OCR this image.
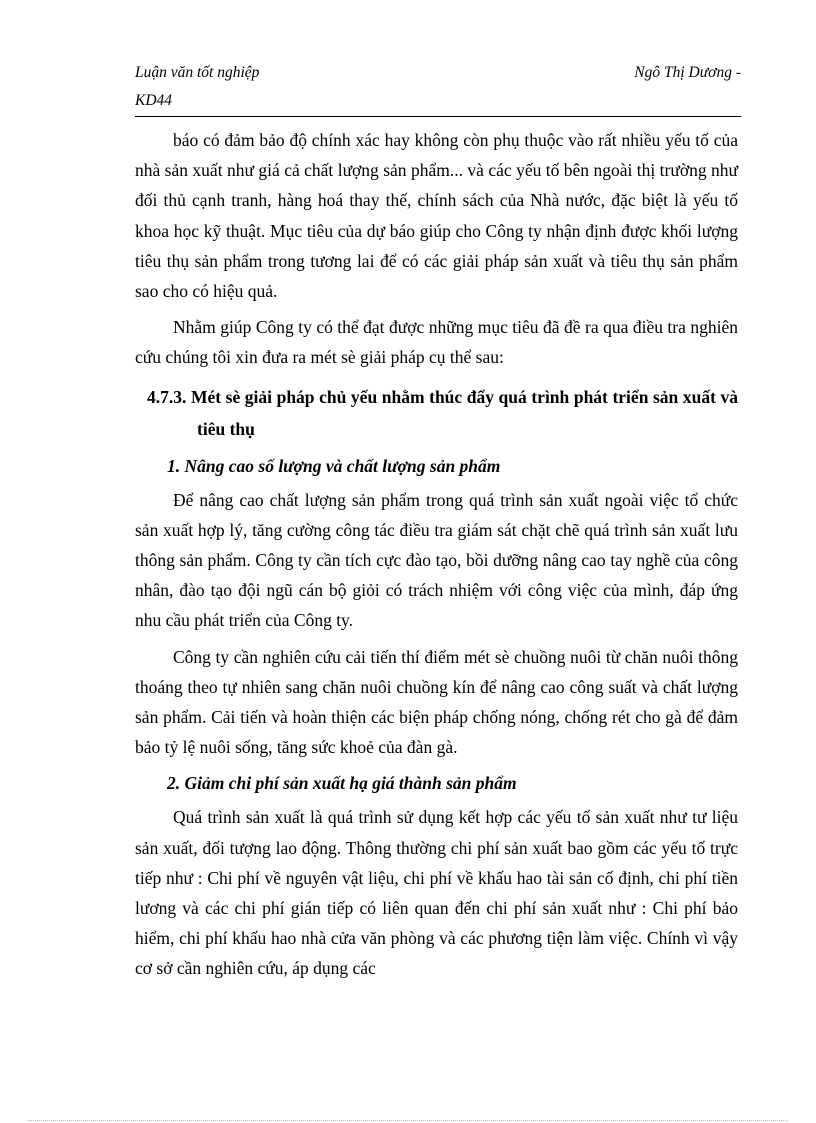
Luận văn tốt nghiệp	Ngô Thị Dương -
KD44

báo có đảm bảo độ chính xác hay không còn phụ thuộc vào rất nhiều yếu tố của nhà sản xuất như giá cả chất lượng sản phẩm... và các yếu tố bên ngoài thị trường như đối thủ cạnh tranh, hàng hoá thay thế, chính sách của Nhà nước, đặc biệt là yếu tố khoa học kỹ thuật. Mục tiêu của dự báo giúp cho Công ty nhận định được khối lượng tiêu thụ sản phẩm trong tương lai để có các giải pháp sản xuất và tiêu thụ sản phẩm sao cho có hiệu quả.

Nhằm giúp Công ty có thể đạt được những mục tiêu đã đề ra qua điều tra nghiên cứu chúng tôi xin đưa ra mét sè giải pháp cụ thể sau:

4.7.3. Mét sè giải pháp chủ yếu nhằm thúc đẩy quá trình phát triển sản xuất và tiêu thụ
1. Nâng cao số lượng và chất lượng sản phẩm

Để nâng cao chất lượng sản phẩm trong quá trình sản xuất ngoài việc tổ chức sản xuất hợp lý, tăng cường công tác điều tra giám sát chặt chẽ quá trình sản xuất lưu thông sản phẩm. Công ty cần tích cực đào tạo, bồi dưỡng nâng cao tay nghề của công nhân, đào tạo đội ngũ cán bộ giỏi có trách nhiệm với công việc của mình, đáp ứng nhu cầu phát triển của Công ty.

Công ty cần nghiên cứu cải tiến thí điểm mét sè chuồng nuôi từ chăn nuôi thông thoáng theo tự nhiên sang chăn nuôi chuồng kín để nâng cao công suất và chất lượng sản phẩm. Cải tiến và hoàn thiện các biện pháp chống nóng, chống rét cho gà để đảm bảo tỷ lệ nuôi sống, tăng sức khoẻ của đàn gà.

2. Giảm chi phí sản xuất hạ giá thành sản phẩm

Quá trình sản xuất là quá trình sử dụng kết hợp các yếu tố sản xuất như tư liệu sản xuất, đối tượng lao động. Thông thường chi phí sản xuất bao gồm các yếu tố trực tiếp như : Chi phí về nguyên vật liệu, chi phí về khấu hao tài sản cố định, chi phí tiền lương và các chi phí gián tiếp có liên quan đến chi phí sản xuất như : Chi phí bảo hiểm, chi phí khấu hao nhà cửa văn phòng và các phương tiện làm việc. Chính vì vậy cơ sở cần nghiên cứu, áp dụng các
